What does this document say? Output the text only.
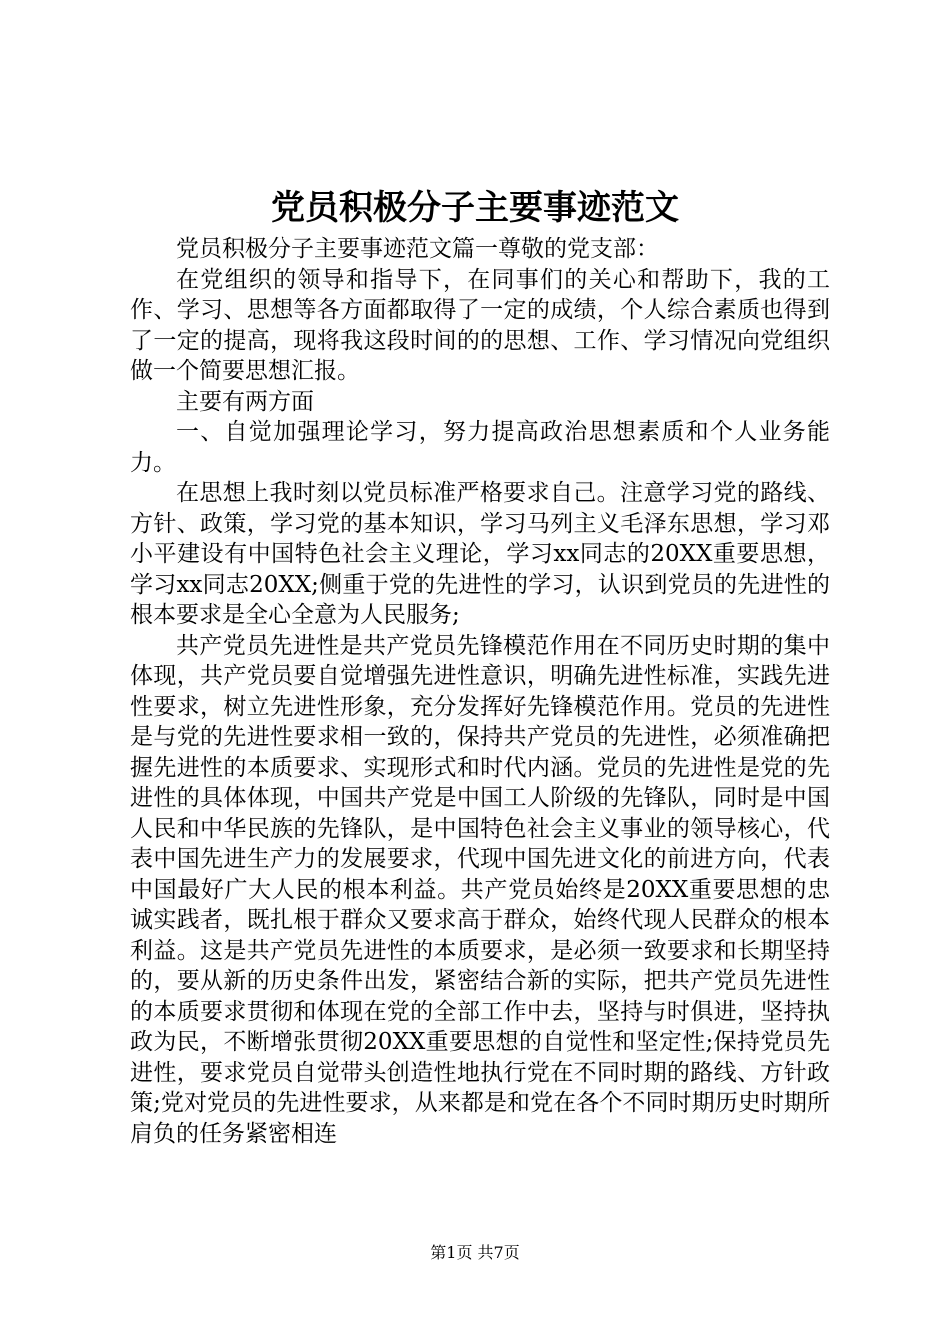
党员积极分子主要事迹范文

党员积极分子主要事迹范文篇一尊敬的党支部：

在党组织的领导和指导下，在同事们的关心和帮助下，我的工作、学习、思想等各方面都取得了一定的成绩，个人综合素质也得到了一定的提高，现将我这段时间的的思想、工作、学习情况向党组织做一个简要思想汇报。

主要有两方面

一、自觉加强理论学习，努力提高政治思想素质和个人业务能力。

在思想上我时刻以党员标准严格要求自己。注意学习党的路线、方针、政策，学习党的基本知识，学习马列主义毛泽东思想，学习邓小平建设有中国特色社会主义理论，学习xx同志的20XX重要思想，学习xx同志20XX;侧重于党的先进性的学习，认识到党员的先进性的根本要求是全心全意为人民服务;

共产党员先进性是共产党员先锋模范作用在不同历史时期的集中体现，共产党员要自觉增强先进性意识，明确先进性标准，实践先进性要求，树立先进性形象，充分发挥好先锋模范作用。党员的先进性是与党的先进性要求相一致的，保持共产党员的先进性，必须准确把握先进性的本质要求、实现形式和时代内涵。党员的先进性是党的先进性的具体体现，中国共产党是中国工人阶级的先锋队，同时是中国人民和中华民族的先锋队，是中国特色社会主义事业的领导核心，代表中国先进生产力的发展要求，代现中国先进文化的前进方向，代表中国最好广大人民的根本利益。共产党员始终是20XX重要思想的忠诚实践者，既扎根于群众又要求高于群众，始终代现人民群众的根本利益。这是共产党员先进性的本质要求，是必须一致要求和长期坚持的，要从新的历史条件出发，紧密结合新的实际，把共产党员先进性的本质要求贯彻和体现在党的全部工作中去，坚持与时俱进，坚持执政为民，不断增张贯彻20XX重要思想的自觉性和坚定性;保持党员先进性，要求党员自觉带头创造性地执行党在不同时期的路线、方针政策;党对党员的先进性要求，从来都是和党在各个不同时期历史时期所肩负的任务紧密相连

第1页 共7页
